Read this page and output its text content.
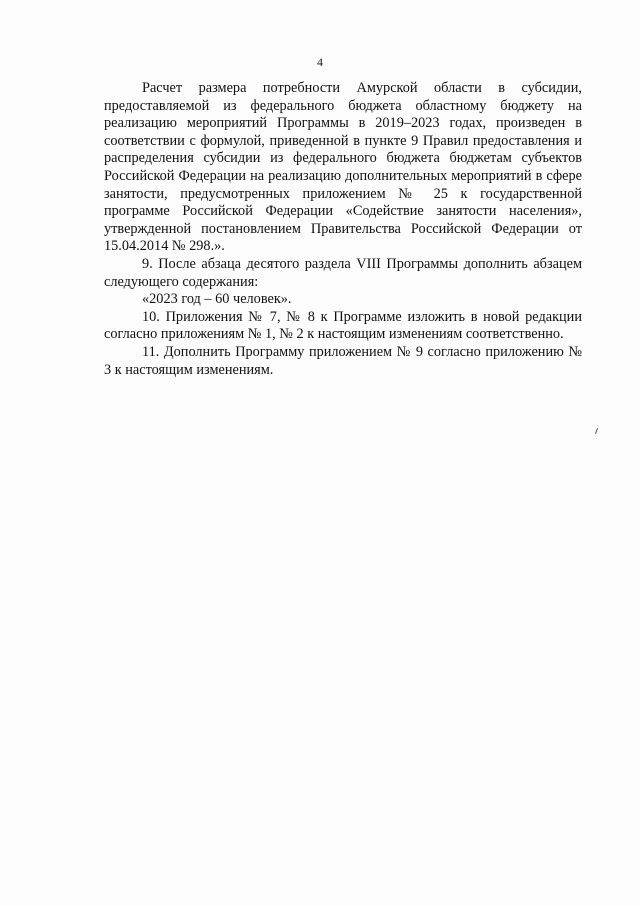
4

Расчет размера потребности Амурской области в субсидии, предоставляемой из федерального бюджета областному бюджету на реализацию мероприятий Программы в 2019–2023 годах, произведен в соответствии с формулой, приведенной в пункте 9 Правил предоставления и распределения субсидии из федерального бюджета бюджетам субъектов Российской Федерации на реализацию дополнительных мероприятий в сфере занятости, предусмотренных приложением № 25 к государственной программе Российской Федерации «Содействие занятости населения», утвержденной постановлением Правительства Российской Федерации от 15.04.2014 № 298.».

9. После абзаца десятого раздела VIII Программы дополнить абзацем следующего содержания:

«2023 год – 60 человек».

10. Приложения № 7, № 8 к Программе изложить в новой редакции согласно приложениям № 1, № 2 к настоящим изменениям соответственно.

11. Дополнить Программу приложением № 9 согласно приложению № 3 к настоящим изменениям.
